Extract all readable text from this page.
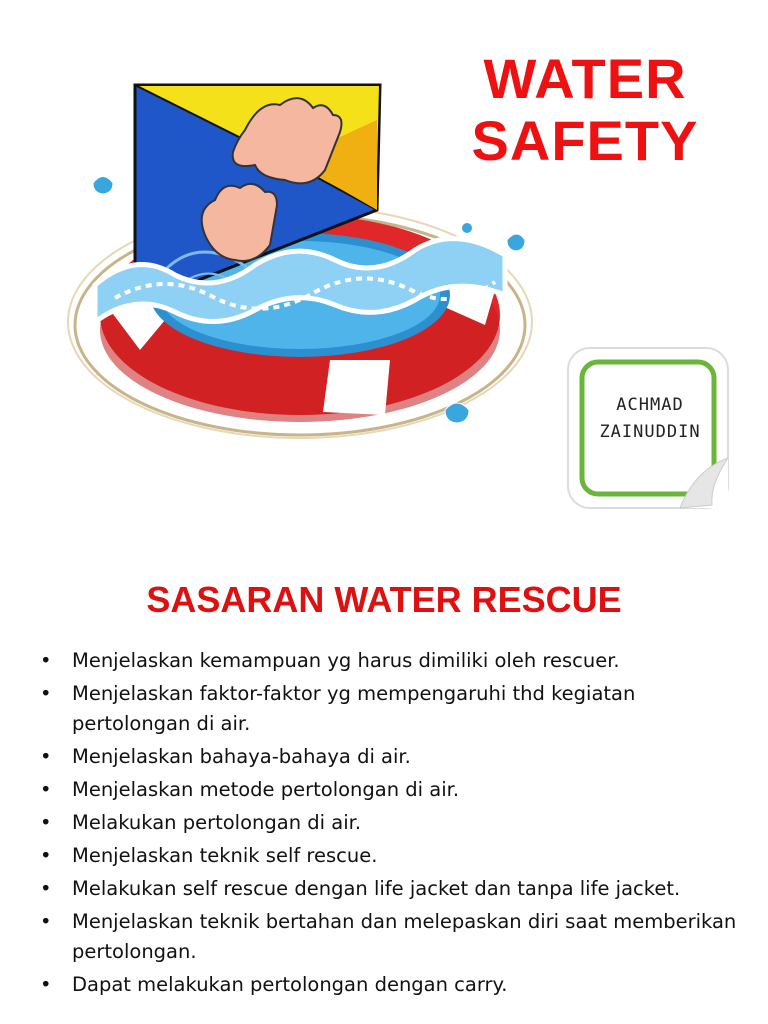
WATER
SAFETY
ACHMAD
ZAINUDDIN
SASARAN WATER RESCUE
• Menjelaskan kemampuan yg harus dimiliki oleh rescuer.
• Menjelaskan faktor-faktor yg mempengaruhi thd kegiatan pertolongan di air.
• Menjelaskan bahaya-bahaya di air.
• Menjelaskan metode pertolongan di air.
• Melakukan pertolongan di air.
• Menjelaskan teknik self rescue.
• Melakukan self rescue dengan life jacket dan tanpa life jacket.
• Menjelaskan teknik bertahan dan melepaskan diri saat memberikan pertolongan.
• Dapat melakukan pertolongan dengan carry.
